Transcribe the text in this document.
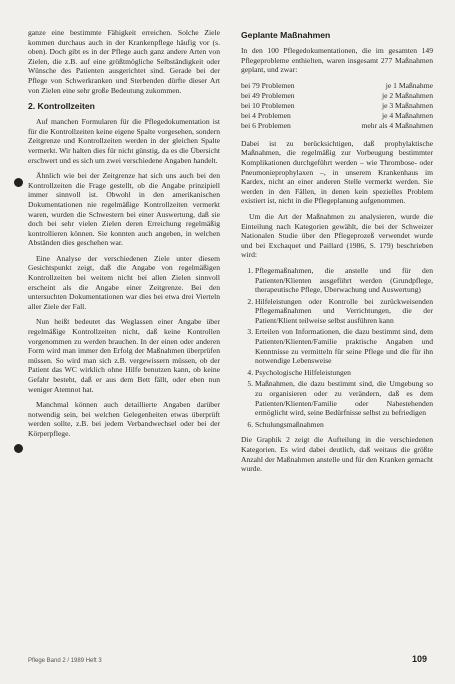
ganze eine bestimmte Fähigkeit erreichen. Solche Ziele kommen durchaus auch in der Krankenpflege häufig vor (s. oben). Doch gibt es in der Pflege auch ganz andere Arten von Zielen, die z.B. auf eine größtmögliche Selbständigkeit oder Wünsche des Patienten ausgerichtet sind. Gerade bei der Pflege von Schwerkranken und Sterbenden dürfte dieser Art von Zielen eine sehr große Bedeutung zukommen.

2. Kontrollzeiten

Auf manchen Formularen für die Pflegedokumentation ist für die Kontrollzeiten keine eigene Spalte vorgesehen, sondern Zeitgrenze und Kontrollzeiten werden in der gleichen Spalte vermerkt. Wir halten dies für nicht günstig, da es die Übersicht erschwert und es sich um zwei verschiedene Angaben handelt.

Ähnlich wie bei der Zeitgrenze hat sich uns auch bei den Kontrollzeiten die Frage gestellt, ob die Angabe prinzipiell immer sinnvoll ist. Obwohl in den amerikanischen Dokumentationen nie regelmäßige Kontrollzeiten vermerkt waren, wurden die Schwestern bei einer Auswertung, daß sie doch bei sehr vielen Zielen deren Erreichung regelmäßig kontrollieren können. Sie konnten auch angeben, in welchen Abständen dies geschehen war.

Eine Analyse der verschiedenen Ziele unter diesem Gesichtspunkt zeigt, daß die Angabe von regelmäßigen Kontrollzeiten bei weitem nicht bei allen Zielen sinnvoll erscheint als die Angabe einer Zeitgrenze. Bei den untersuchten Dokumentationen war dies bei etwa drei Vierteln aller Ziele der Fall.

Nun heißt bedeutet das Weglassen einer Angabe über regelmäßige Kontrollzeiten nicht, daß keine Kontrollen vorgenommen zu werden brauchen. In der einen oder anderen Form wird man immer den Erfolg der Maßnahmen überprüfen müssen. So wird man sich z.B. vergewissern müssen, ob der Patient das WC wirklich ohne Hilfe benutzen kann, ob keine Gefahr besteht, daß er aus dem Bett fällt, oder eben nun weniger Atemnot hat.

Manchmal können auch detaillierte Angaben darüber notwendig sein, bei welchen Gelegenheiten etwas überprüft werden sollte, z.B. bei jedem Verbandwechsel oder bei der Körperpflege.

Geplante Maßnahmen

In den 100 Pflegedokumentationen, die im gesamten 149 Pflegeprobleme enthielten, waren insgesamt 277 Maßnahmen geplant, und zwar:

bei 79 Problemen	je 1 Maßnahme
bei 49 Problemen	je 2 Maßnahmen
bei 10 Problemen	je 3 Maßnahmen
bei 4 Problemen	je 4 Maßnahmen
bei 6 Problemen	mehr als 4 Maßnahmen

Dabei ist zu berücksichtigen, daß prophylaktische Maßnahmen, die regelmäßig zur Vorbeugung bestimmter Komplikationen durchgeführt werden – wie Thrombose- oder Pneumonieprophylaxen –, in unserem Krankenhaus im Kardex, nicht an einer anderen Stelle vermerkt werden. Sie werden in den Fällen, in denen kein spezielles Problem existiert ist, nicht in die Pflegeplanung aufgenommen.

Um die Art der Maßnahmen zu analysieren, wurde die Einteilung nach Kategorien gewählt, die bei der Schweizer Nationalen Studie über den Pflegeprozeß verwendet wurde und bei Exchaquet und Paillard (1986, S. 179) beschrieben wird:

1. Pflegemaßnahmen, die anstelle und für den Patienten/Klienten ausgeführt werden (Grundpflege, therapeutische Pflege, Überwachung und Auswertung)
2. Hilfeleistungen oder Kontrolle bei zurückweisenden Pflegemaßnahmen und Verrichtungen, die der Patient/Klient teilweise selbst ausführen kann
3. Erteilen von Informationen, die dazu bestimmt sind, dem Patienten/Klienten/Familie praktische Angaben und Kenntnisse zu vermitteln für seine Pflege und die für ihn notwendige Lebensweise
4. Psychologische Hilfeleistungen
5. Maßnahmen, die dazu bestimmt sind, die Umgebung so zu organisieren oder zu verändern, daß es dem Patienten/Klienten/Familie oder Nahestehenden ermöglicht wird, seine Bedürfnisse selbst zu befriedigen
6. Schulungsmaßnahmen

Die Graphik 2 zeigt die Aufteilung in die verschiedenen Kategorien. Es wird dabei deutlich, daß weitaus die größte Anzahl der Maßnahmen anstelle und für den Kranken gemacht wurde.

Pflege Band 2 / 1989 Heft 3	109
